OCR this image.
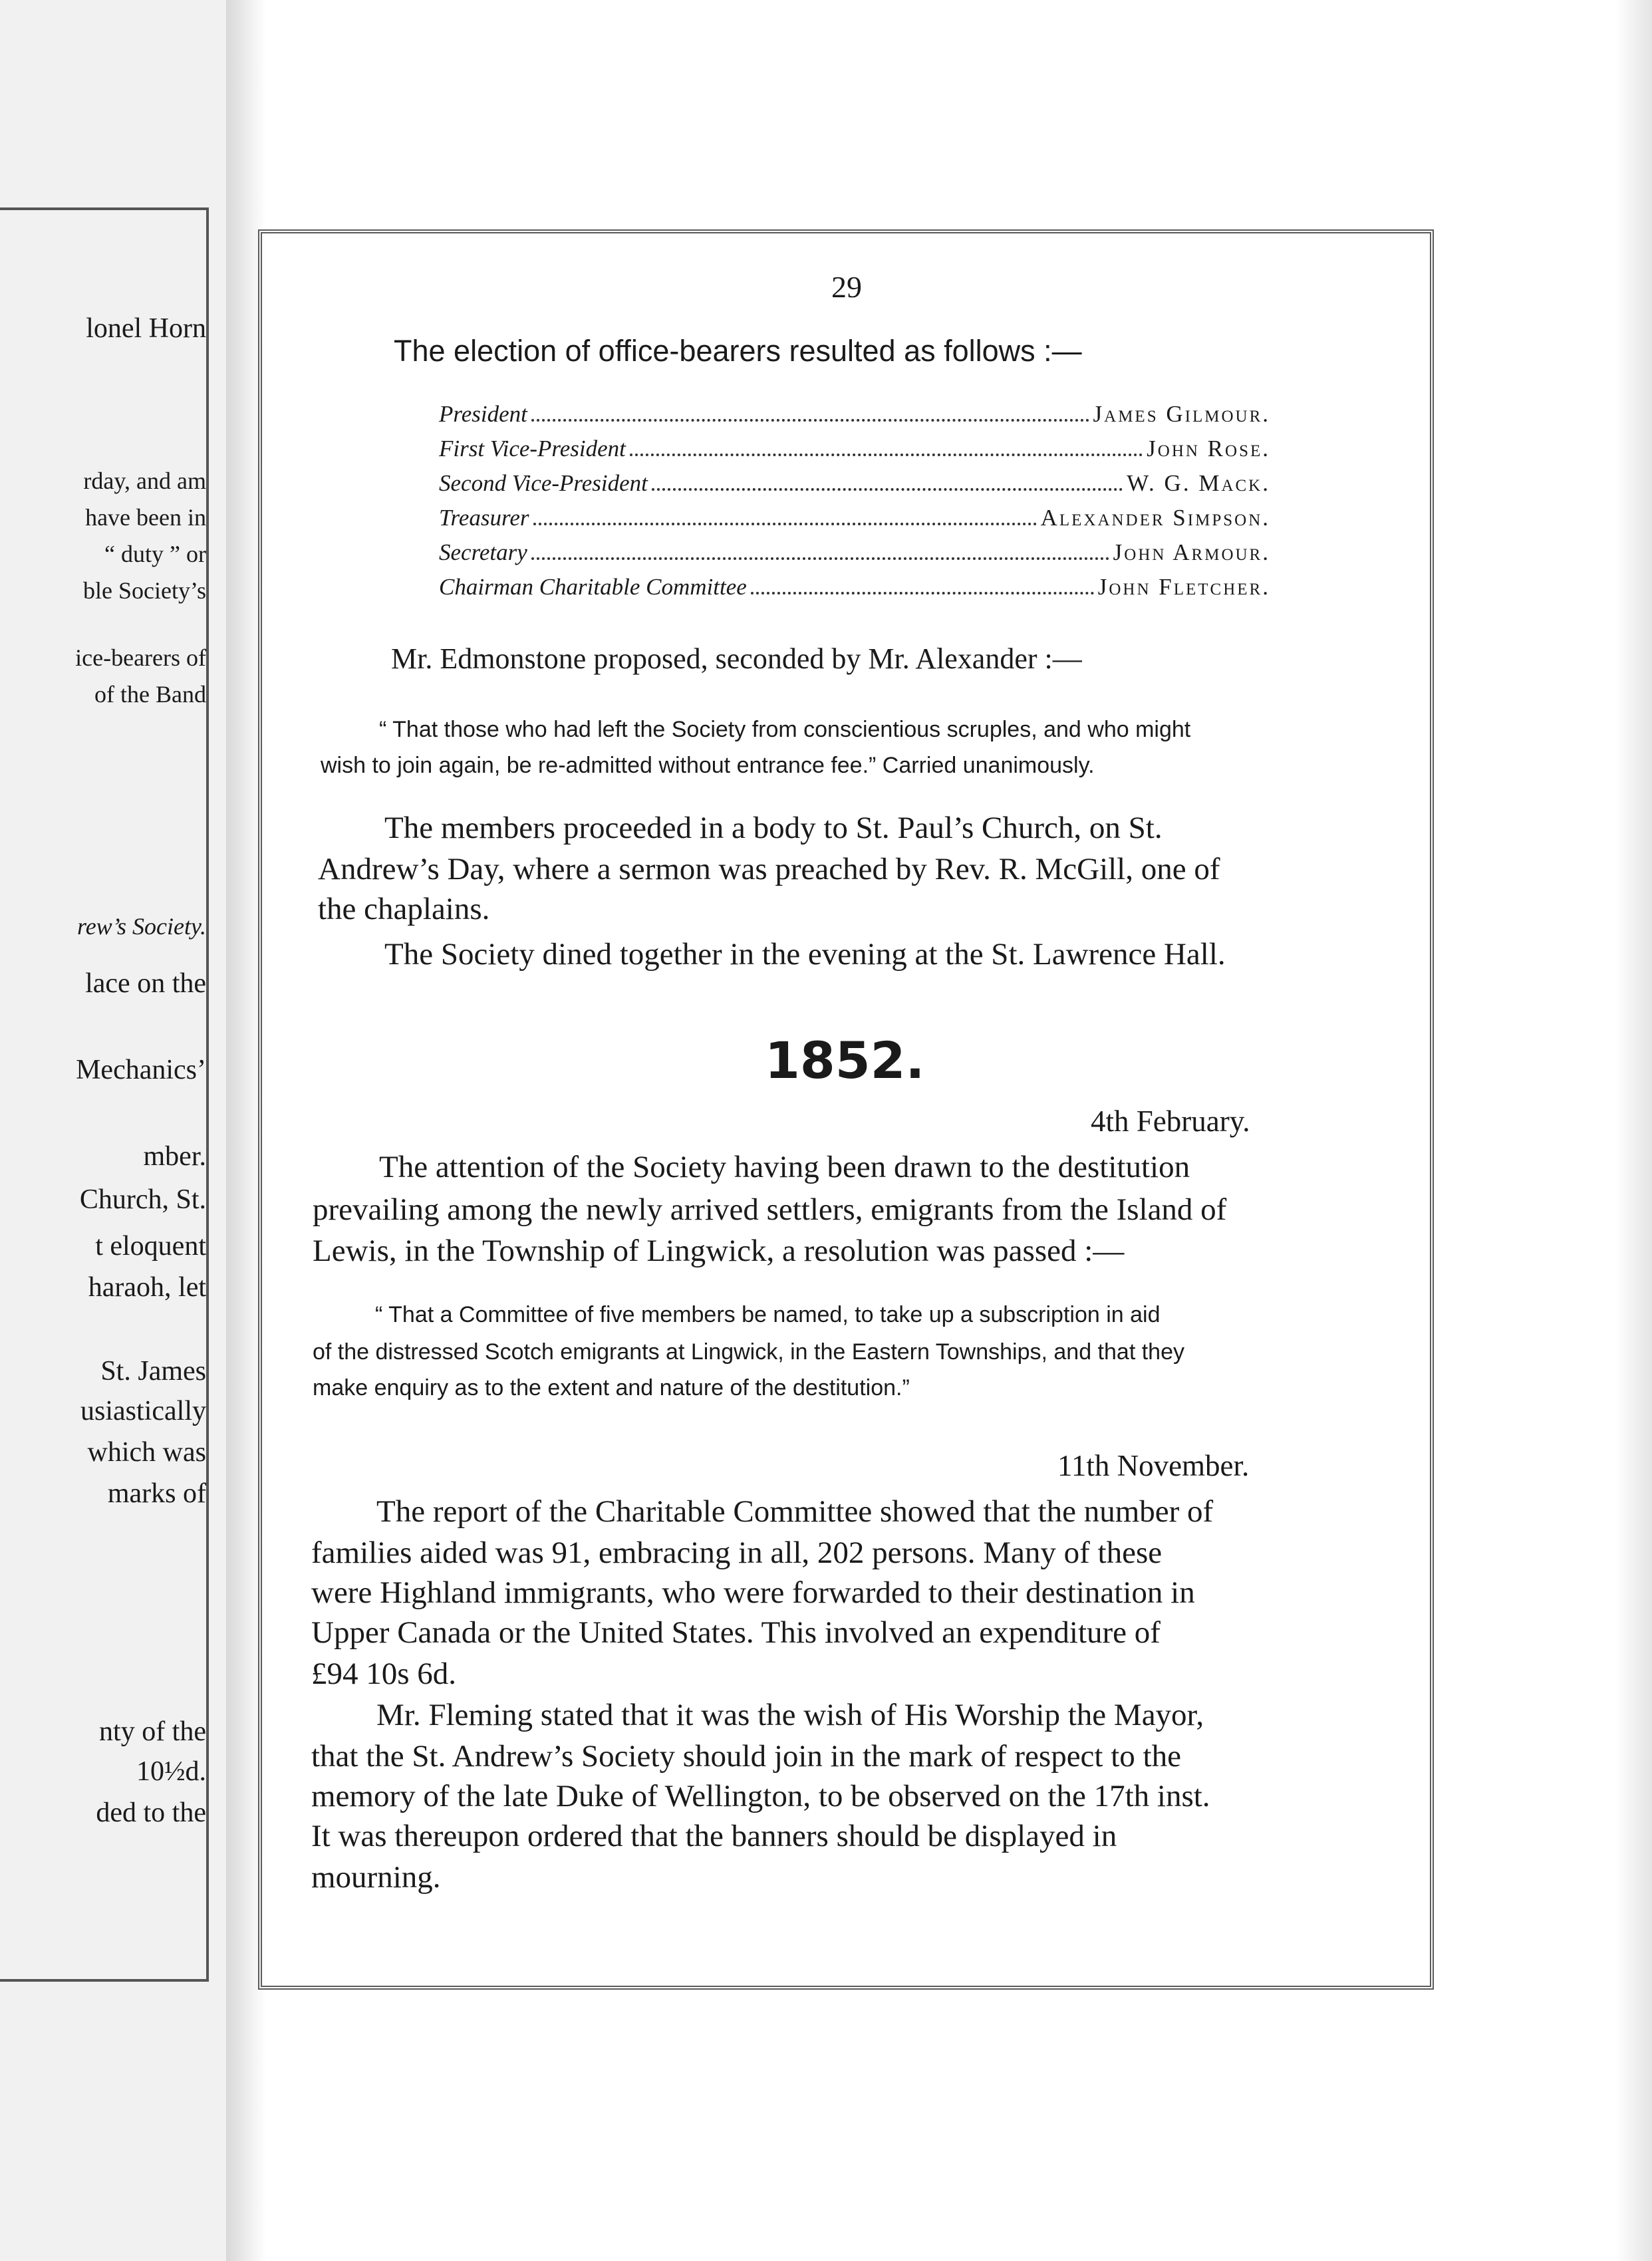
lonel Horn
rday, and am
have been in
“ duty ” or
ble Society’s
ice-bearers of
of the Band
rew’s Society.
lace on the
Mechanics’
mber.
Church, St.
t eloquent
haraoh, let
St. James
usiastically
which was
marks of
nty of the
10½d.
ded to the
29
The election of office-bearers resulted as follows :—
President	James Gilmour.
First Vice-President	John Rose.
Second Vice-President	W. G. Mack.
Treasurer	Alexander Simpson.
Secretary	John Armour.
Chairman Charitable Committee	John Fletcher.
Mr. Edmonstone proposed, seconded by Mr. Alexander :—
“ That those who had left the Society from conscientious scruples, and who might
wish to join again, be re-admitted without entrance fee.” Carried unanimously.
The members proceeded in a body to St. Paul’s Church, on St.
Andrew’s Day, where a sermon was preached by Rev. R. McGill, one of
the chaplains.
The Society dined together in the evening at the St. Lawrence Hall.
1852.
4th February.
The attention of the Society having been drawn to the destitution
prevailing among the newly arrived settlers, emigrants from the Island of
Lewis, in the Township of Lingwick, a resolution was passed :—
“ That a Committee of five members be named, to take up a subscription in aid
of the distressed Scotch emigrants at Lingwick, in the Eastern Townships, and that they
make enquiry as to the extent and nature of the destitution.”
11th November.
The report of the Charitable Committee showed that the number of
families aided was 91, embracing in all, 202 persons. Many of these
were Highland immigrants, who were forwarded to their destination in
Upper Canada or the United States. This involved an expenditure of
£94 10s 6d.
Mr. Fleming stated that it was the wish of His Worship the Mayor,
that the St. Andrew’s Society should join in the mark of respect to the
memory of the late Duke of Wellington, to be observed on the 17th inst.
It was thereupon ordered that the banners should be displayed in
mourning.
